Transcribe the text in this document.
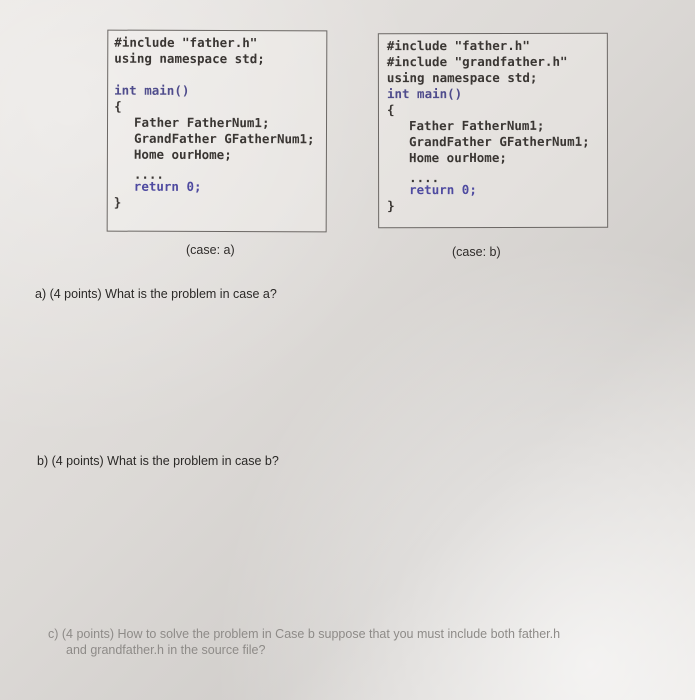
#include "father.h"
using namespace std;
int main()
{
Father FatherNum1;
GrandFather GFatherNum1;
Home ourHome;
....
return 0;
}
(case: a)
#include "father.h"
#include "grandfather.h"
using namespace std;
int main()
{
Father FatherNum1;
GrandFather GFatherNum1;
Home ourHome;
....
return 0;
}
(case: b)
a) (4 points) What is the problem in case a?
b) (4 points) What is the problem in case b?
c) (4 points) How to solve the problem in Case b suppose that you must include both father.h
and grandfather.h in the source file?
